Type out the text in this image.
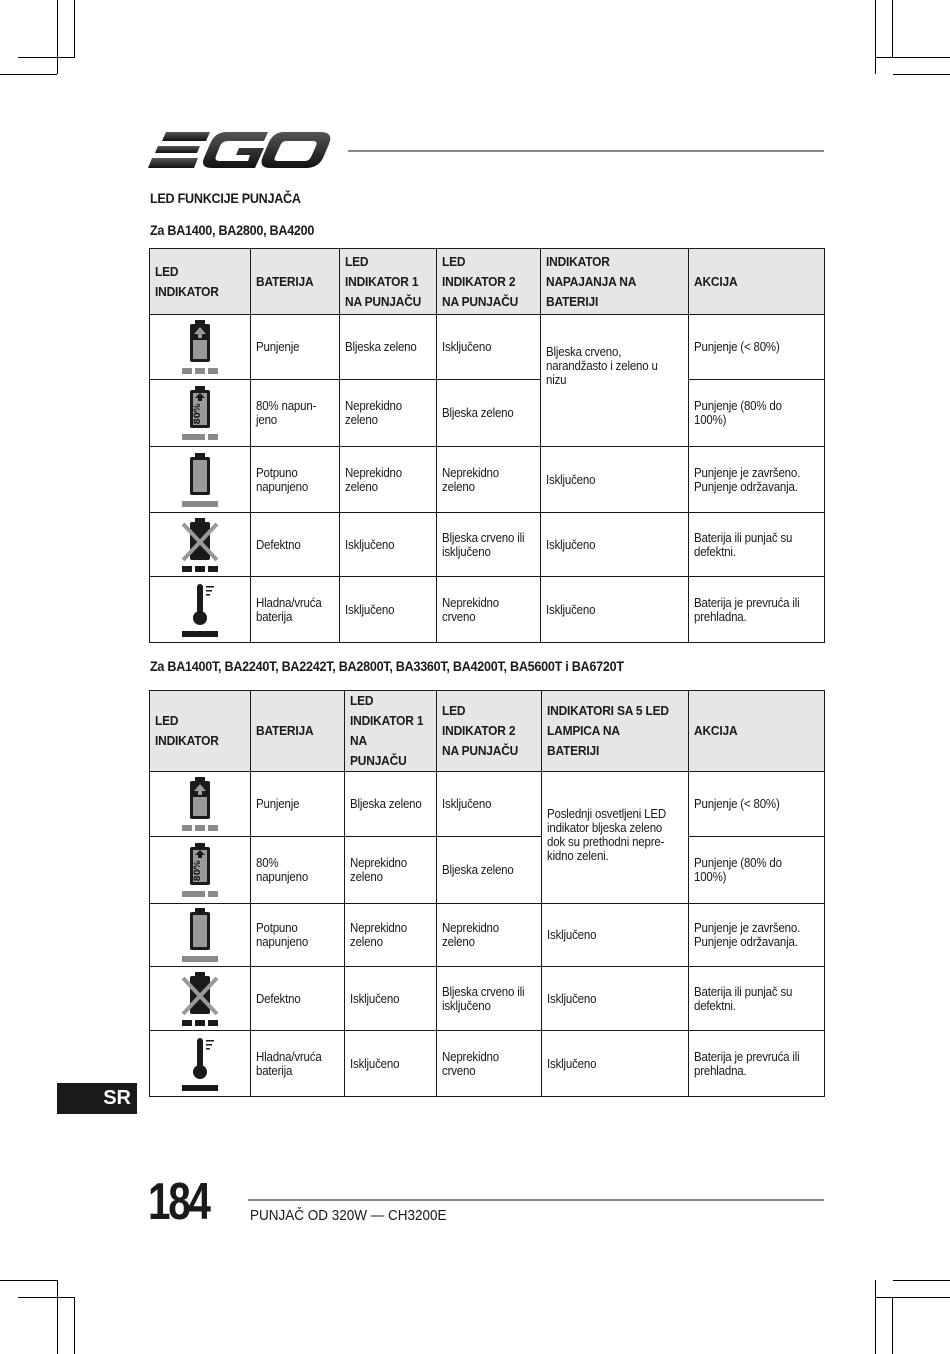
LED FUNKCIJE PUNJAČA
Za BA1400, BA2800, BA4200
LED INDIKATOR	BATERIJA	LED INDIKATOR 1 NA PUNJAČU	LED INDIKATOR 2 NA PUNJAČU	INDIKATOR NAPAJANJA NA BATERIJI	AKCIJA

Punjenje	Bljeska zeleno	Isključeno	Bljeska crveno, narandžasto i zeleno u nizu	Punjenje (< 80%)

80%	80% napun-jeno	Neprekidno zeleno	Bljeska zeleno		Punjenje (80% do 100%)

Potpuno napunjeno	Neprekidno zeleno	Neprekidno zeleno	Isključeno	Punjenje je završeno. Punjenje održavanja.

Defektno	Isključeno	Bljeska crveno ili isključeno	Isključeno	Baterija ili punjač su defektni.

Hladna/vruća baterija	Isključeno	Neprekidno crveno	Isključeno	Baterija je prevruća ili prehladna.
Za BA1400T, BA2240T, BA2242T, BA2800T, BA3360T, BA4200T, BA5600T i BA6720T
LED INDIKATOR	BATERIJA	LED INDIKATOR 1 NA PUNJAČU	LED INDIKATOR 2 NA PUNJAČU	INDIKATORI SA 5 LED LAMPICA NA BATERIJI	AKCIJA

Punjenje	Bljeska zeleno	Isključeno	Poslednji osvetljeni LED indikator bljeska zeleno dok su prethodni nepre-kidno zeleni.	Punjenje (< 80%)

80%	80% napunjeno	Neprekidno zeleno	Bljeska zeleno		Punjenje (80% do 100%)

Potpuno napunjeno	Neprekidno zeleno	Neprekidno zeleno	Isključeno	Punjenje je završeno. Punjenje održavanja.

Defektno	Isključeno	Bljeska crveno ili isključeno	Isključeno	Baterija ili punjač su defektni.

Hladna/vruća baterija	Isključeno	Neprekidno crveno	Isključeno	Baterija je prevruća ili prehladna.
SR
184	PUNJAČ OD 320W — CH3200E
